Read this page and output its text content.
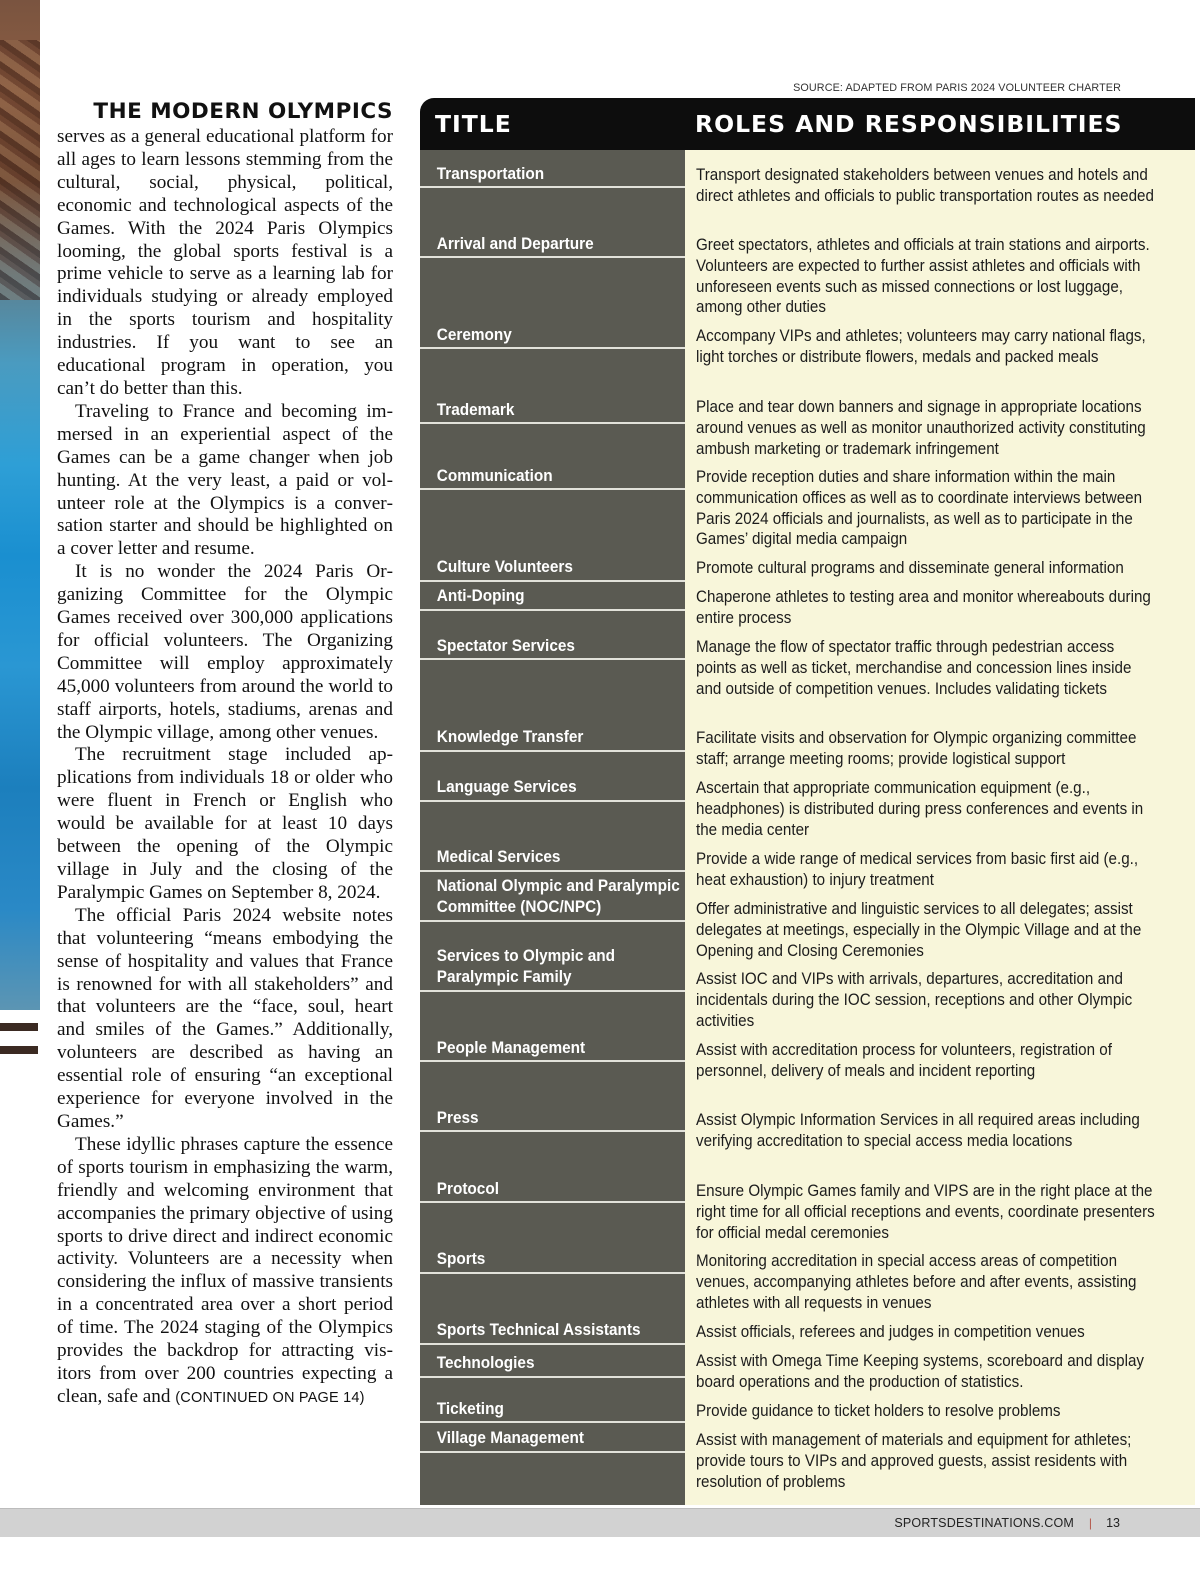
THE MODERN OLYMPICS

serves as a general educational platform for all ages to learn lessons stemming from the cultural, social, physical, political, economic and technological aspects of the Games. With the 2024 Paris Olympics looming, the global sports festival is a prime vehicle to serve as a learning lab for individuals studying or already employed in the sports tourism and hospitality industries. If you want to see an educational program in operation, you can’t do better than this.

Traveling to France and becoming immersed in an experiential aspect of the Games can be a game changer when job hunting. At the very least, a paid or volunteer role at the Olympics is a conversation starter and should be highlighted on a cover letter and resume.

It is no wonder the 2024 Paris Organizing Committee for the Olympic Games received over 300,000 applications for official volunteers. The Organizing Committee will employ approximately 45,000 volunteers from around the world to staff airports, hotels, stadiums, arenas and the Olympic village, among other venues.

The recruitment stage included applications from individuals 18 or older who were fluent in French or English who would be available for at least 10 days between the opening of the Olympic village in July and the closing of the Paralympic Games on September 8, 2024.

The official Paris 2024 website notes that volunteering “means embodying the sense of hospitality and values that France is renowned for with all stakeholders” and that volunteers are the “face, soul, heart and smiles of the Games.” Additionally, volunteers are described as having an essential role of ensuring “an exceptional experience for everyone involved in the Games.”

These idyllic phrases capture the essence of sports tourism in emphasizing the warm, friendly and welcoming environment that accompanies the primary objective of using sports to drive direct and indirect economic activity. Volunteers are a necessity when considering the influx of massive transients in a concentrated area over a short period of time. The 2024 staging of the Olympics provides the backdrop for attracting visitors from over 200 countries expecting a clean, safe and (CONTINUED ON PAGE 14)

SOURCE: ADAPTED FROM PARIS 2024 VOLUNTEER CHARTER
TITLE	ROLES AND RESPONSIBILITIES
Transportation	Transport designated stakeholders between venues and hotels and direct athletes and officials to public transportation routes as needed
Arrival and Departure	Greet spectators, athletes and officials at train stations and airports. Volunteers are expected to further assist athletes and officials with unforeseen events such as missed connections or lost luggage, among other duties
Ceremony	Accompany VIPs and athletes; volunteers may carry national flags, light torches or distribute flowers, medals and packed meals
Trademark	Place and tear down banners and signage in appropriate locations around venues as well as monitor unauthorized activity constituting ambush marketing or trademark infringement
Communication	Provide reception duties and share information within the main communication offices as well as to coordinate interviews between Paris 2024 officials and journalists, as well as to participate in the Games’ digital media campaign
Culture Volunteers	Promote cultural programs and disseminate general information
Anti-Doping	Chaperone athletes to testing area and monitor whereabouts during entire process
Spectator Services	Manage the flow of spectator traffic through pedestrian access points as well as ticket, merchandise and concession lines inside and outside of competition venues. Includes validating tickets
Knowledge Transfer	Facilitate visits and observation for Olympic organizing committee staff; arrange meeting rooms; provide logistical support
Language Services	Ascertain that appropriate communication equipment (e.g., headphones) is distributed during press conferences and events in the media center
Medical Services	Provide a wide range of medical services from basic first aid (e.g., heat exhaustion) to injury treatment
National Olympic and Paralympic Committee (NOC/NPC)	Offer administrative and linguistic services to all delegates; assist delegates at meetings, especially in the Olympic Village and at the Opening and Closing Ceremonies
Services to Olympic and Paralympic Family	Assist IOC and VIPs with arrivals, departures, accreditation and incidentals during the IOC session, receptions and other Olympic activities
People Management	Assist with accreditation process for volunteers, registration of personnel, delivery of meals and incident reporting
Press	Assist Olympic Information Services in all required areas including verifying accreditation to special access media locations
Protocol	Ensure Olympic Games family and VIPS are in the right place at the right time for all official receptions and events, coordinate presenters for official medal ceremonies
Sports	Monitoring accreditation in special access areas of competition venues, accompanying athletes before and after events, assisting athletes with all requests in venues
Sports Technical Assistants	Assist officials, referees and judges in competition venues
Technologies	Assist with Omega Time Keeping systems, scoreboard and display board operations and the production of statistics.
Ticketing	Provide guidance to ticket holders to resolve problems
Village Management	Assist with management of materials and equipment for athletes; provide tours to VIPs and approved guests, assist residents with resolution of problems
SPORTSDESTINATIONS.COM | 13
